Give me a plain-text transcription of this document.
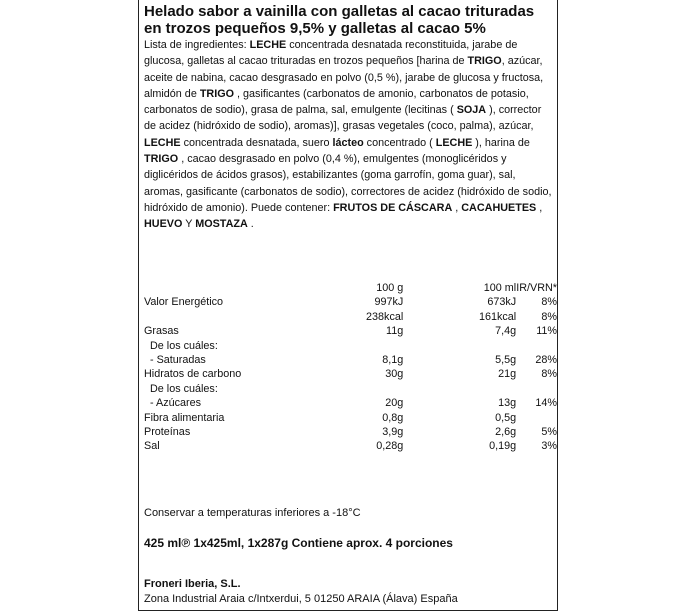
Helado sabor a vainilla con galletas al cacao trituradas en trozos pequeños 9,5% y galletas al cacao 5%
Lista de ingredientes: LECHE concentrada desnatada reconstituida, jarabe de glucosa, galletas al cacao trituradas en trozos pequeños [harina de TRIGO, azúcar, aceite de nabina, cacao desgrasado en polvo (0,5 %), jarabe de glucosa y fructosa, almidón de TRIGO , gasificantes (carbonatos de amonio, carbonatos de potasio, carbonatos de sodio), grasa de palma, sal, emulgente (lecitinas ( SOJA ), corrector de acidez (hidróxido de sodio), aromas)], grasas vegetales (coco, palma), azúcar, LECHE concentrada desnatada, suero lácteo concentrado ( LECHE ), harina de TRIGO , cacao desgrasado en polvo (0,4 %), emulgentes (monoglicéridos y diglicéridos de ácidos grasos), estabilizantes (goma garrofín, goma guar), sal, aromas, gasificante (carbonatos de sodio), correctores de acidez (hidróxido de sodio, hidróxido de amonio). Puede contener: FRUTOS DE CÁSCARA , CACAHUETES , HUEVO Y MOSTAZA .
	100 g	100 ml	IR/VRN*
Valor Energético	997kJ	673kJ	8%
	238kcal	161kcal	8%
Grasas	11g	7,4g	11%
De los cuáles:			
- Saturadas	8,1g	5,5g	28%
Hidratos de carbono	30g	21g	8%
De los cuáles:			
- Azúcares	20g	13g	14%
Fibra alimentaria	0,8g	0,5g	
Proteínas	3,9g	2,6g	5%
Sal	0,28g	0,19g	3%
Conservar a temperaturas inferiores a -18°C
425 ml℗ 1x425ml, 1x287g Contiene aprox. 4 porciones
Froneri Iberia, S.L.
Zona Industrial Araia c/Intxerdui, 5 01250 ARAIA (Álava) España
